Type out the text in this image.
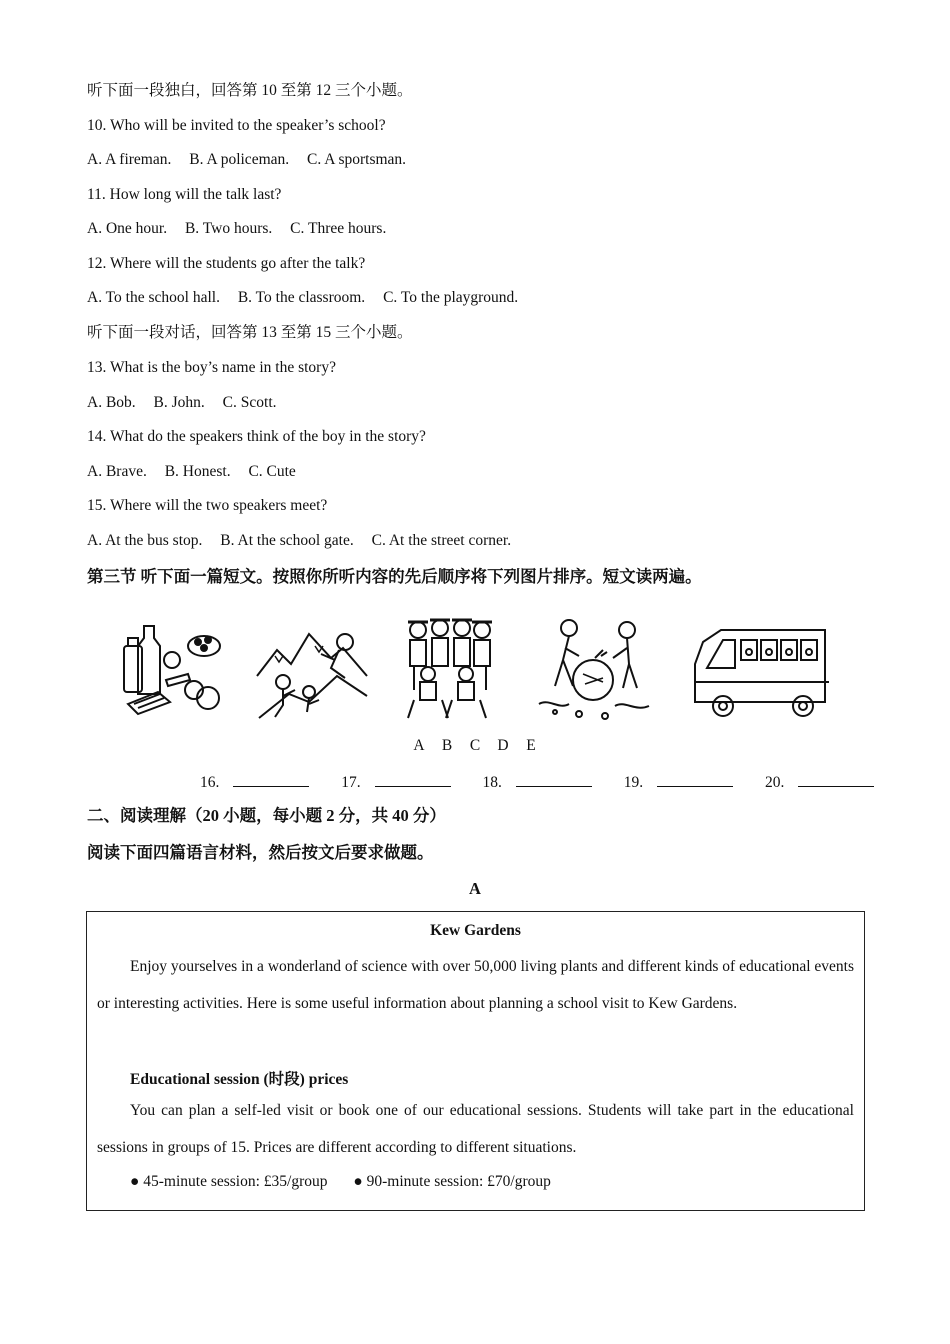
听下面一段独白，回答第 10 至第 12 三个小题。
10. Who will be invited to the speaker’s school?
A. A fireman. B. A policeman. C. A sportsman.
11. How long will the talk last?
A. One hour. B. Two hours. C. Three hours.
12. Where will the students go after the talk?
A. To the school hall. B. To the classroom. C. To the playground.
听下面一段对话，回答第 13 至第 15 三个小题。
13. What is the boy’s name in the story?
A. Bob. B. John. C. Scott.
14. What do the speakers think of the boy in the story?
A. Brave. B. Honest. C. Cute
15. Where will the two speakers meet?
A. At the bus stop. B. At the school gate. C. At the street corner.
第三节 听下面一篇短文。按照你所听内容的先后顺序将下列图片排序。短文读两遍。
A B C D E
16.	17.	18.	19.	20.
二、阅读理解（20 小题，每小题 2 分，共 40 分）
阅读下面四篇语言材料，然后按文后要求做题。
A
Kew Gardens
Enjoy yourselves in a wonderland of science with over 50,000 living plants and different kinds of educational events or interesting activities. Here is some useful information about planning a school visit to Kew Gardens.
Educational session (时段) prices
You can plan a self-led visit or book one of our educational sessions. Students will take part in the educational sessions in groups of 15. Prices are different according to different situations.
● 45-minute session: £35/group ● 90-minute session: £70/group
